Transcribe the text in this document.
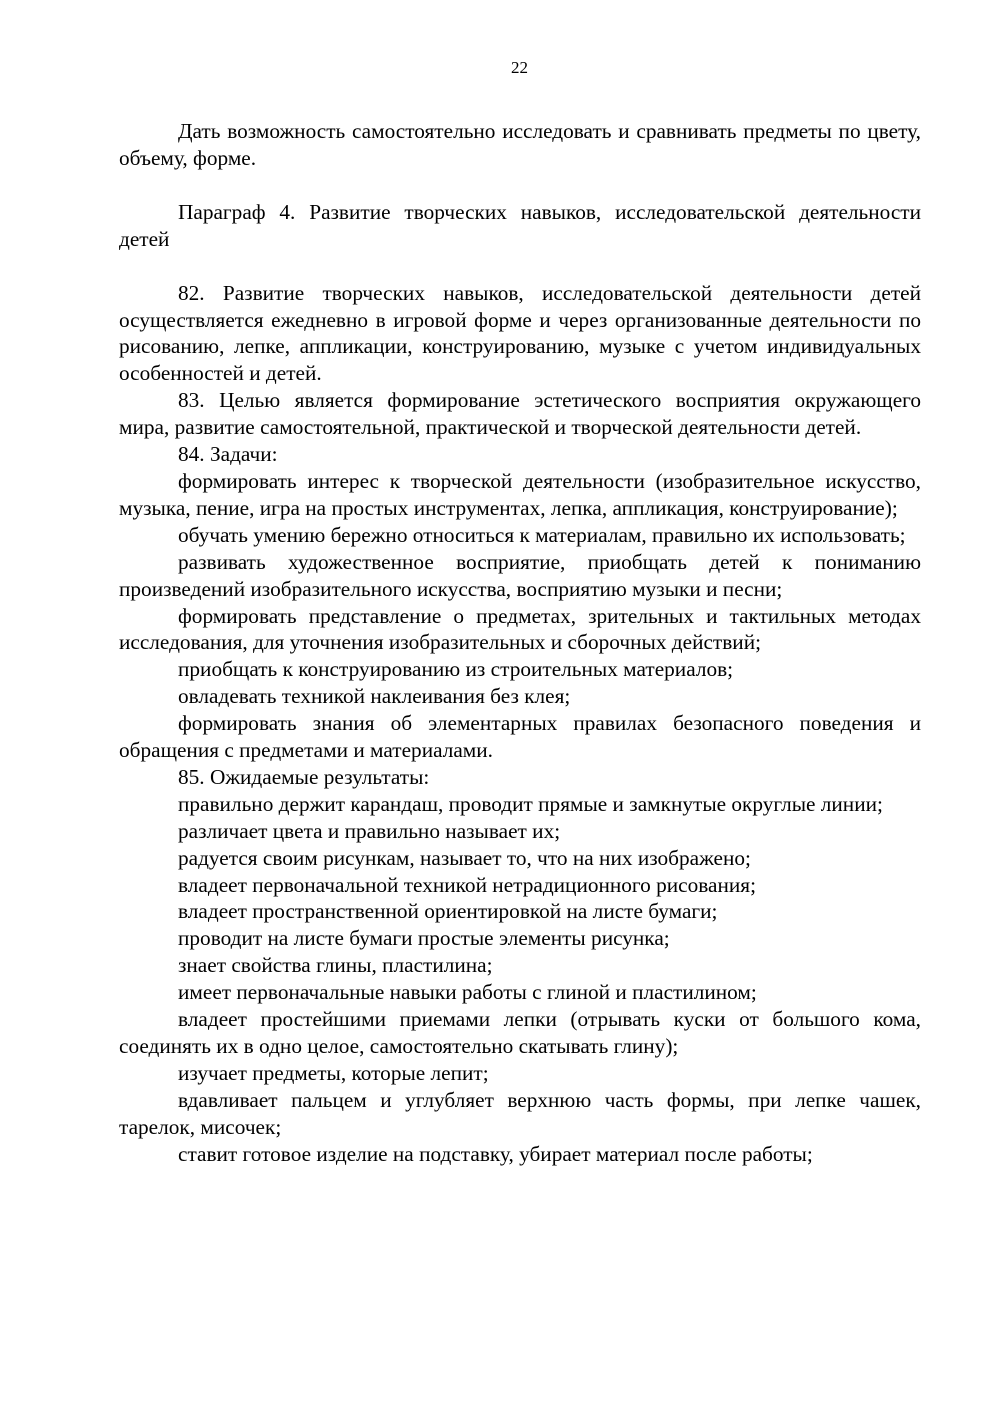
22

Дать возможность самостоятельно исследовать и сравнивать предметы по цвету, объему, форме.

Параграф 4. Развитие творческих навыков, исследовательской деятельности детей

82. Развитие творческих навыков, исследовательской деятельности детей осуществляется ежедневно в игровой форме и через организованные деятельности по рисованию, лепке, аппликации, конструированию, музыке с учетом индивидуальных особенностей и детей.

83. Целью является формирование эстетического восприятия окружающего мира, развитие самостоятельной, практической и творческой деятельности детей.

84. Задачи:

формировать интерес к творческой деятельности (изобразительное искусство, музыка, пение, игра на простых инструментах, лепка, аппликация, конструирование);

обучать умению бережно относиться к материалам, правильно их использовать;

развивать художественное восприятие, приобщать детей к пониманию произведений изобразительного искусства, восприятию музыки и песни;

формировать представление о предметах, зрительных и тактильных методах исследования, для уточнения изобразительных и сборочных действий;

приобщать к конструированию из строительных материалов;

овладевать техникой наклеивания без клея;

формировать знания об элементарных правилах безопасного поведения и обращения с предметами и материалами.

85. Ожидаемые результаты:

правильно держит карандаш, проводит прямые и замкнутые округлые линии;

различает цвета и правильно называет их;

радуется своим рисункам, называет то, что на них изображено;

владеет первоначальной техникой нетрадиционного рисования;

владеет пространственной ориентировкой на листе бумаги;

проводит на листе бумаги простые элементы рисунка;

знает свойства глины, пластилина;

имеет первоначальные навыки работы с глиной и пластилином;

владеет простейшими приемами лепки (отрывать куски от большого кома, соединять их в одно целое, самостоятельно скатывать глину);

изучает предметы, которые лепит;

вдавливает пальцем и углубляет верхнюю часть формы, при лепке чашек, тарелок, мисочек;

ставит готовое изделие на подставку, убирает материал после работы;
